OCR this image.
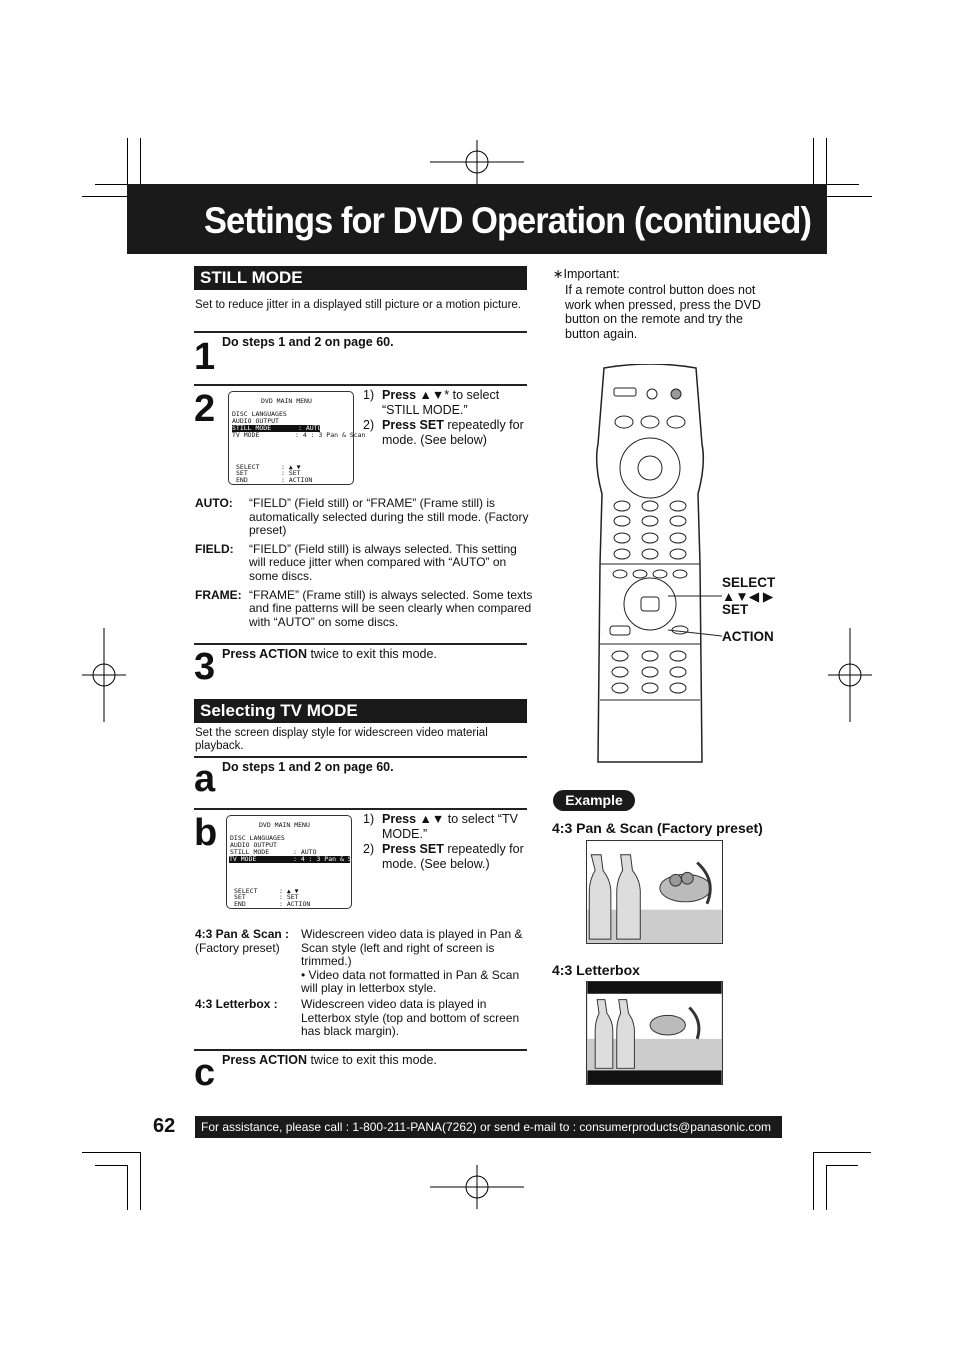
Settings for DVD Operation (continued)
STILL MODE
Set to reduce jitter in a displayed still picture or a motion picture.
1 Do steps 1 and 2 on page 60.
2	DVD MAIN MENU
DISC LANGUAGES
AUDIO OUTPUT
STILL MODE	: AUTO
TV MODE	: 4 : 3 Pan & Scan
SELECT	: ▲ ▼
SET	: SET
END	: ACTION
1) Press ▲▼* to select “STILL MODE.”
2) Press SET repeatedly for mode. (See below)
AUTO:	“FIELD” (Field still) or “FRAME” (Frame still) is automatically selected during the still mode. (Factory preset)
FIELD:	“FIELD” (Field still) is always selected. This setting will reduce jitter when compared with “AUTO” on some discs.
FRAME: “FRAME” (Frame still) is always selected. Some texts and fine patterns will be seen clearly when compared with “AUTO” on some discs.
3 Press ACTION twice to exit this mode.
Selecting TV MODE
Set the screen display style for widescreen video material playback.
a Do steps 1 and 2 on page 60.
b	DVD MAIN MENU
DISC LANGUAGES
AUDIO OUTPUT
STILL MODE	: AUTO
TV MODE	: 4 : 3 Pan & Scan
SELECT	: ▲ ▼
SET	: SET
END	: ACTION
1) Press ▲▼ to select “TV MODE.”
2) Press SET repeatedly for mode. (See below.)
4:3 Pan & Scan :
(Factory preset)
Widescreen video data is played in Pan & Scan style (left and right of screen is trimmed.)
• Video data not formatted in Pan & Scan will play in letterbox style.
4:3 Letterbox :	Widescreen video data is played in Letterbox style (top and bottom of screen has black margin).
c Press ACTION twice to exit this mode.
∗Important:
If a remote control button does not work when pressed, press the DVD button on the remote and try the button again.
SELECT
▲▼◀ ▶
SET
ACTION
Example
4:3 Pan & Scan (Factory preset)
4:3 Letterbox
62	For assistance, please call : 1-800-211-PANA(7262) or send e-mail to : consumerproducts@panasonic.com
